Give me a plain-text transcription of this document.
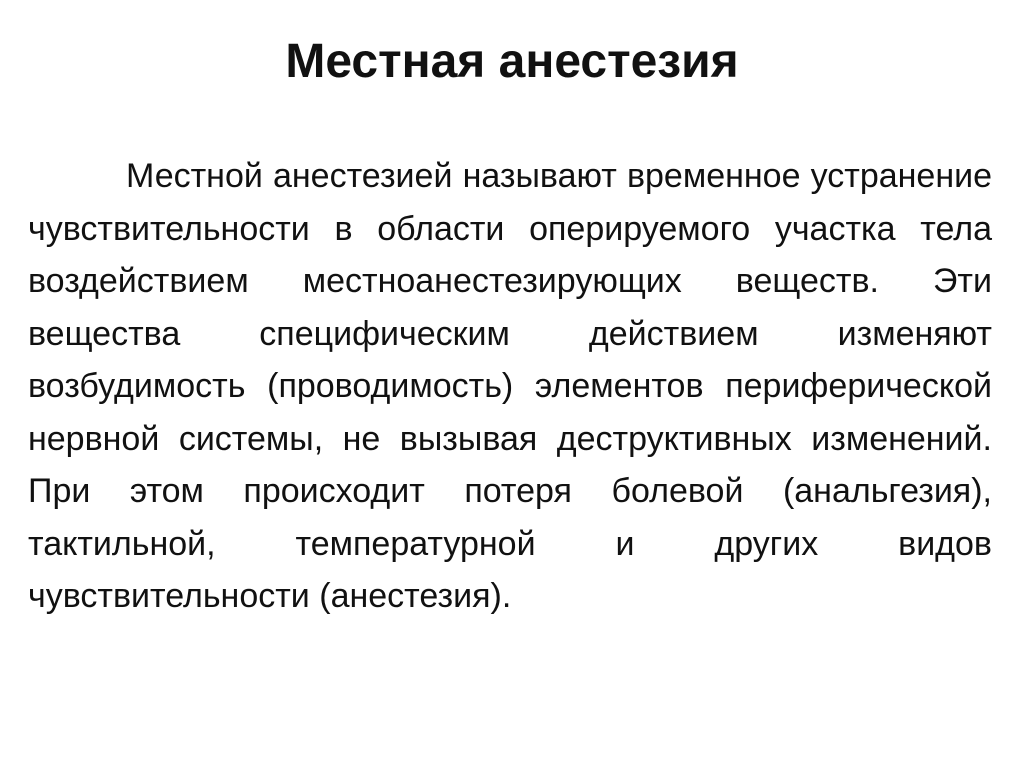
Местная анестезия

Местной анестезией называют временное устранение чувствительности в области оперируемого участка тела воздействием местноанестезирующих веществ. Эти вещества специфическим действием изменяют возбудимость (проводимость) элементов периферической нервной системы, не вызывая деструктивных изменений. При этом происходит потеря болевой (анальгезия), тактильной, температурной и других видов чувствительности (анестезия).
